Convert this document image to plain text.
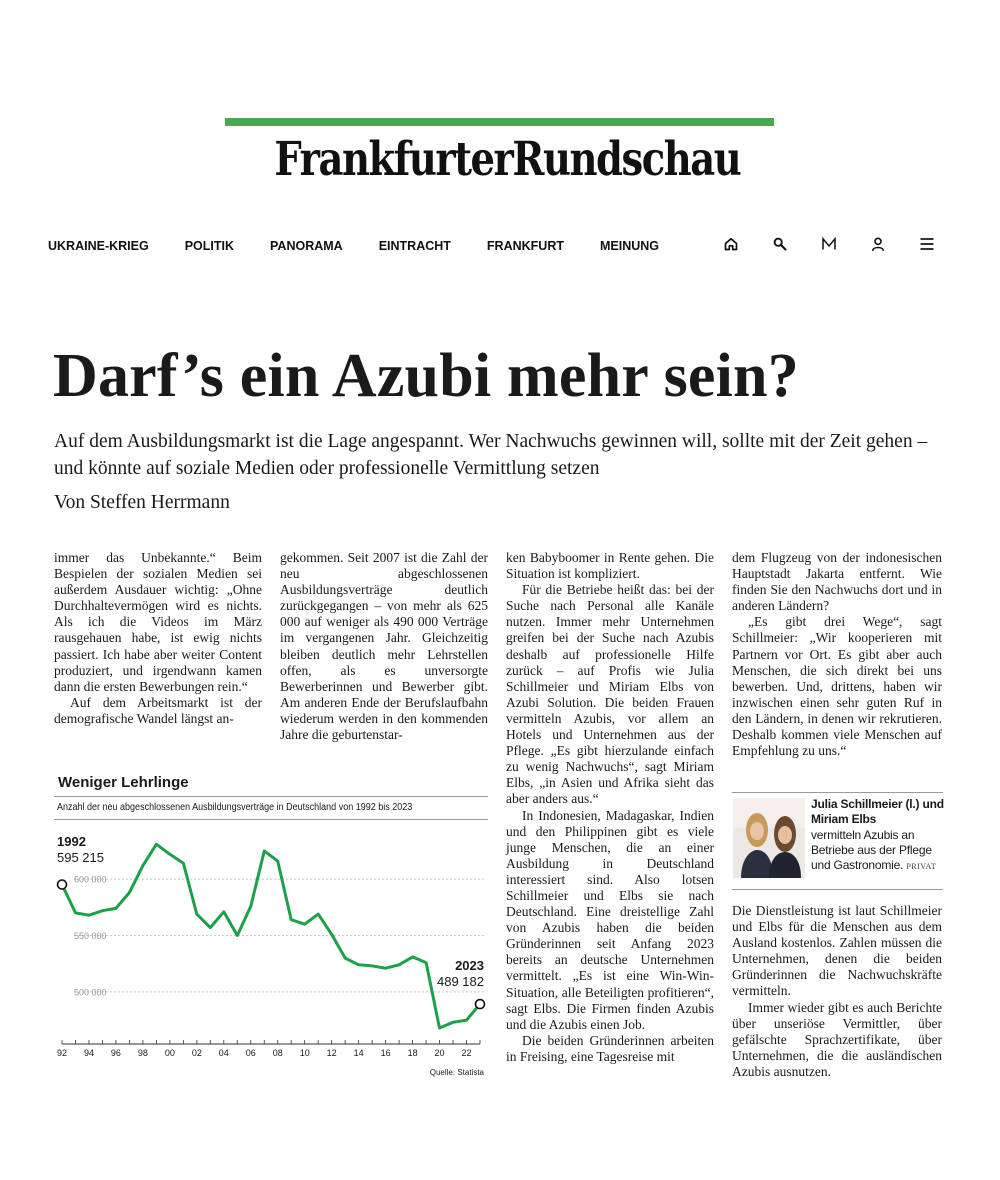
FrankfurterRundschau
UKRAINE-KRIEG	POLITIK	PANORAMA	EINTRACHT	FRANKFURT	MEINUNG
Darf’s ein Azubi mehr sein?

Auf dem Ausbildungsmarkt ist die Lage angespannt. Wer Nachwuchs gewinnen will, sollte mit der Zeit gehen – und könnte auf soziale Medien oder professionelle Vermittlung setzen

Von Steffen Herrmann

immer das Unbekannte.“ Beim Bespielen der sozialen Medien sei außerdem Ausdauer wichtig: „Ohne Durchhaltevermögen wird es nichts. Als ich die Videos im März rausgehauen habe, ist ewig nichts passiert. Ich habe aber weiter Content produziert, und irgendwann kamen dann die ersten Bewerbungen rein.“

Auf dem Arbeitsmarkt ist der demografische Wandel längst an-

gekommen. Seit 2007 ist die Zahl der neu abgeschlossenen Ausbildungsverträge deutlich zurückgegangen – von mehr als 625 000 auf weniger als 490 000 Verträge im vergangenen Jahr. Gleichzeitig bleiben deutlich mehr Lehrstellen offen, als es unversorgte Bewerberinnen und Bewerber gibt. Am anderen Ende der Berufslaufbahn wiederum werden in den kommenden Jahre die geburtenstar-

ken Babyboomer in Rente gehen. Die Situation ist kompliziert.

Für die Betriebe heißt das: bei der Suche nach Personal alle Kanäle nutzen. Immer mehr Unternehmen greifen bei der Suche nach Azubis deshalb auf professionelle Hilfe zurück – auf Profis wie Julia Schillmeier und Miriam Elbs von Azubi Solution. Die beiden Frauen vermitteln Azubis, vor allem an Hotels und Unternehmen aus der Pflege. „Es gibt hierzulande einfach zu wenig Nachwuchs“, sagt Miriam Elbs, „in Asien und Afrika sieht das aber anders aus.“

In Indonesien, Madagaskar, Indien und den Philippinen gibt es viele junge Menschen, die an einer Ausbildung in Deutschland interessiert sind. Also lotsen Schillmeier und Elbs sie nach Deutschland. Eine dreistellige Zahl von Azubis haben die beiden Gründerinnen seit Anfang 2023 bereits an deutsche Unternehmen vermittelt. „Es ist eine Win-Win-Situation, alle Beteiligten profitieren“, sagt Elbs. Die Firmen finden Azubis und die Azubis einen Job.

Die beiden Gründerinnen arbeiten in Freising, eine Tagesreise mit

dem Flugzeug von der indonesischen Hauptstadt Jakarta entfernt. Wie finden Sie den Nachwuchs dort und in anderen Ländern?

„Es gibt drei Wege“, sagt Schillmeier: „Wir kooperieren mit Partnern vor Ort. Es gibt aber auch Menschen, die sich direkt bei uns bewerben. Und, drittens, haben wir inzwischen einen sehr guten Ruf in den Ländern, in denen wir rekrutieren. Deshalb kommen viele Menschen auf Empfehlung zu uns.“

Julia Schillmeier (l.) und Miriam Elbs
vermitteln Azubis an Betriebe aus der Pflege und Gastronomie. PRIVAT

Die Dienstleistung ist laut Schillmeier und Elbs für die Menschen aus dem Ausland kostenlos. Zahlen müssen die Unternehmen, denen die beiden Gründerinnen die Nachwuchskräfte vermitteln.

Immer wieder gibt es auch Berichte über unseriöse Vermittler, über gefälschte Sprachzertifikate, über Unternehmen, die die ausländischen Azubis ausnutzen.

Weniger Lehrlinge
Anzahl der neu abgeschlossenen Ausbildungsverträge in Deutschland von 1992 bis 2023
500 000
550 000
600 000
92 94 96 98 00 02 04 06 08 10 12 14 16 18 20 22
1992
595 215
2023
489 182
Quelle: Statista
